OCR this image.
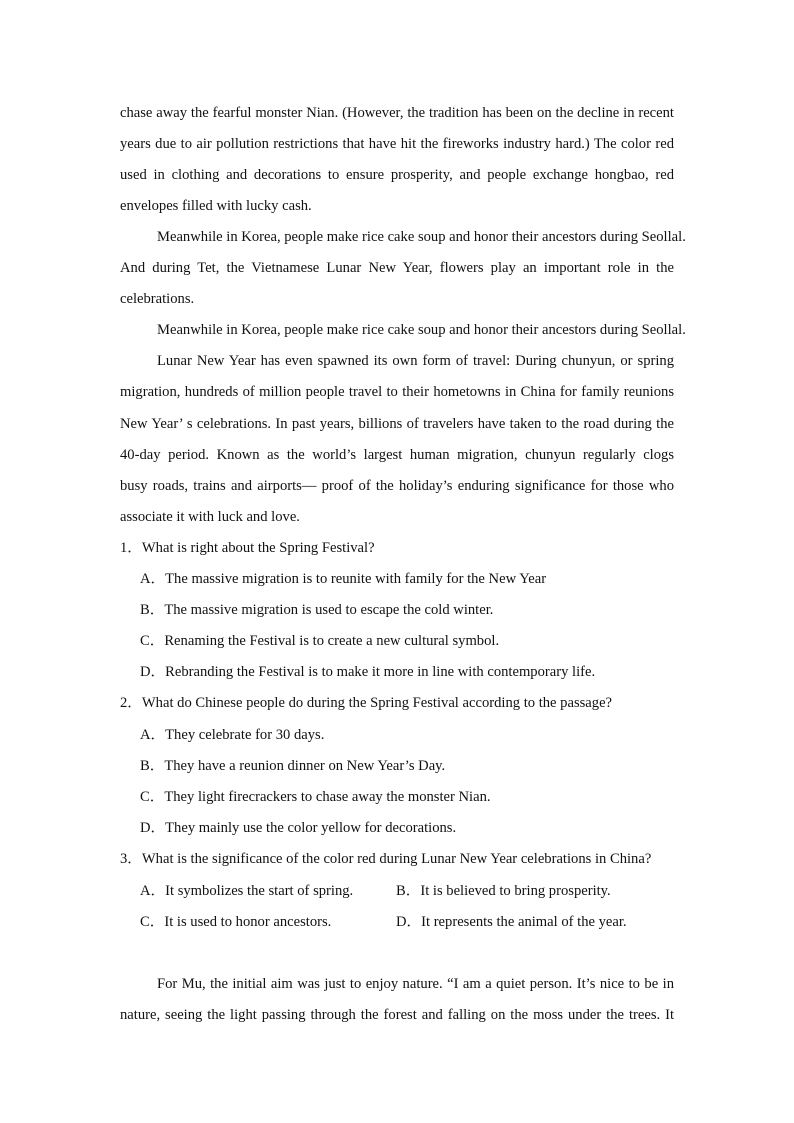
chase away the fearful monster Nian. (However, the tradition has been on the decline in recent
years due to air pollution restrictions that have hit the fireworks industry hard.) The color red
used in clothing and decorations to ensure prosperity, and people exchange hongbao, red
envelopes filled with lucky cash.
Meanwhile in Korea, people make rice cake soup and honor their ancestors during Seollal.
And during Tet, the Vietnamese Lunar New Year, flowers play an important role in the
celebrations.
Meanwhile in Korea, people make rice cake soup and honor their ancestors during Seollal.
Lunar New Year has even spawned its own form of travel: During chunyun, or spring
migration, hundreds of million people travel to their hometowns in China for family reunions
New Year’ s celebrations. In past years, billions of travelers have taken to the road during the
40-day period. Known as the world’s largest human migration, chunyun regularly clogs
busy roads, trains and airports— proof of the holiday’s enduring significance for those who
associate it with luck and love.
1．What is right about the Spring Festival?
A．The massive migration is to reunite with family for the New Year
B．The massive migration is used to escape the cold winter.
C．Renaming the Festival is to create a new cultural symbol.
D．Rebranding the Festival is to make it more in line with contemporary life.
2．What do Chinese people do during the Spring Festival according to the passage?
A．They celebrate for 30 days.
B．They have a reunion dinner on New Year’s Day.
C．They light firecrackers to chase away the monster Nian.
D．They mainly use the color yellow for decorations.
3．What is the significance of the color red during Lunar New Year celebrations in China?
A．It symbolizes the start of spring.	B．It is believed to bring prosperity.
C．It is used to honor ancestors.	D．It represents the animal of the year.
For Mu, the initial aim was just to enjoy nature. “I am a quiet person. It’s nice to be in
nature, seeing the light passing through the forest and falling on the moss under the trees. It
